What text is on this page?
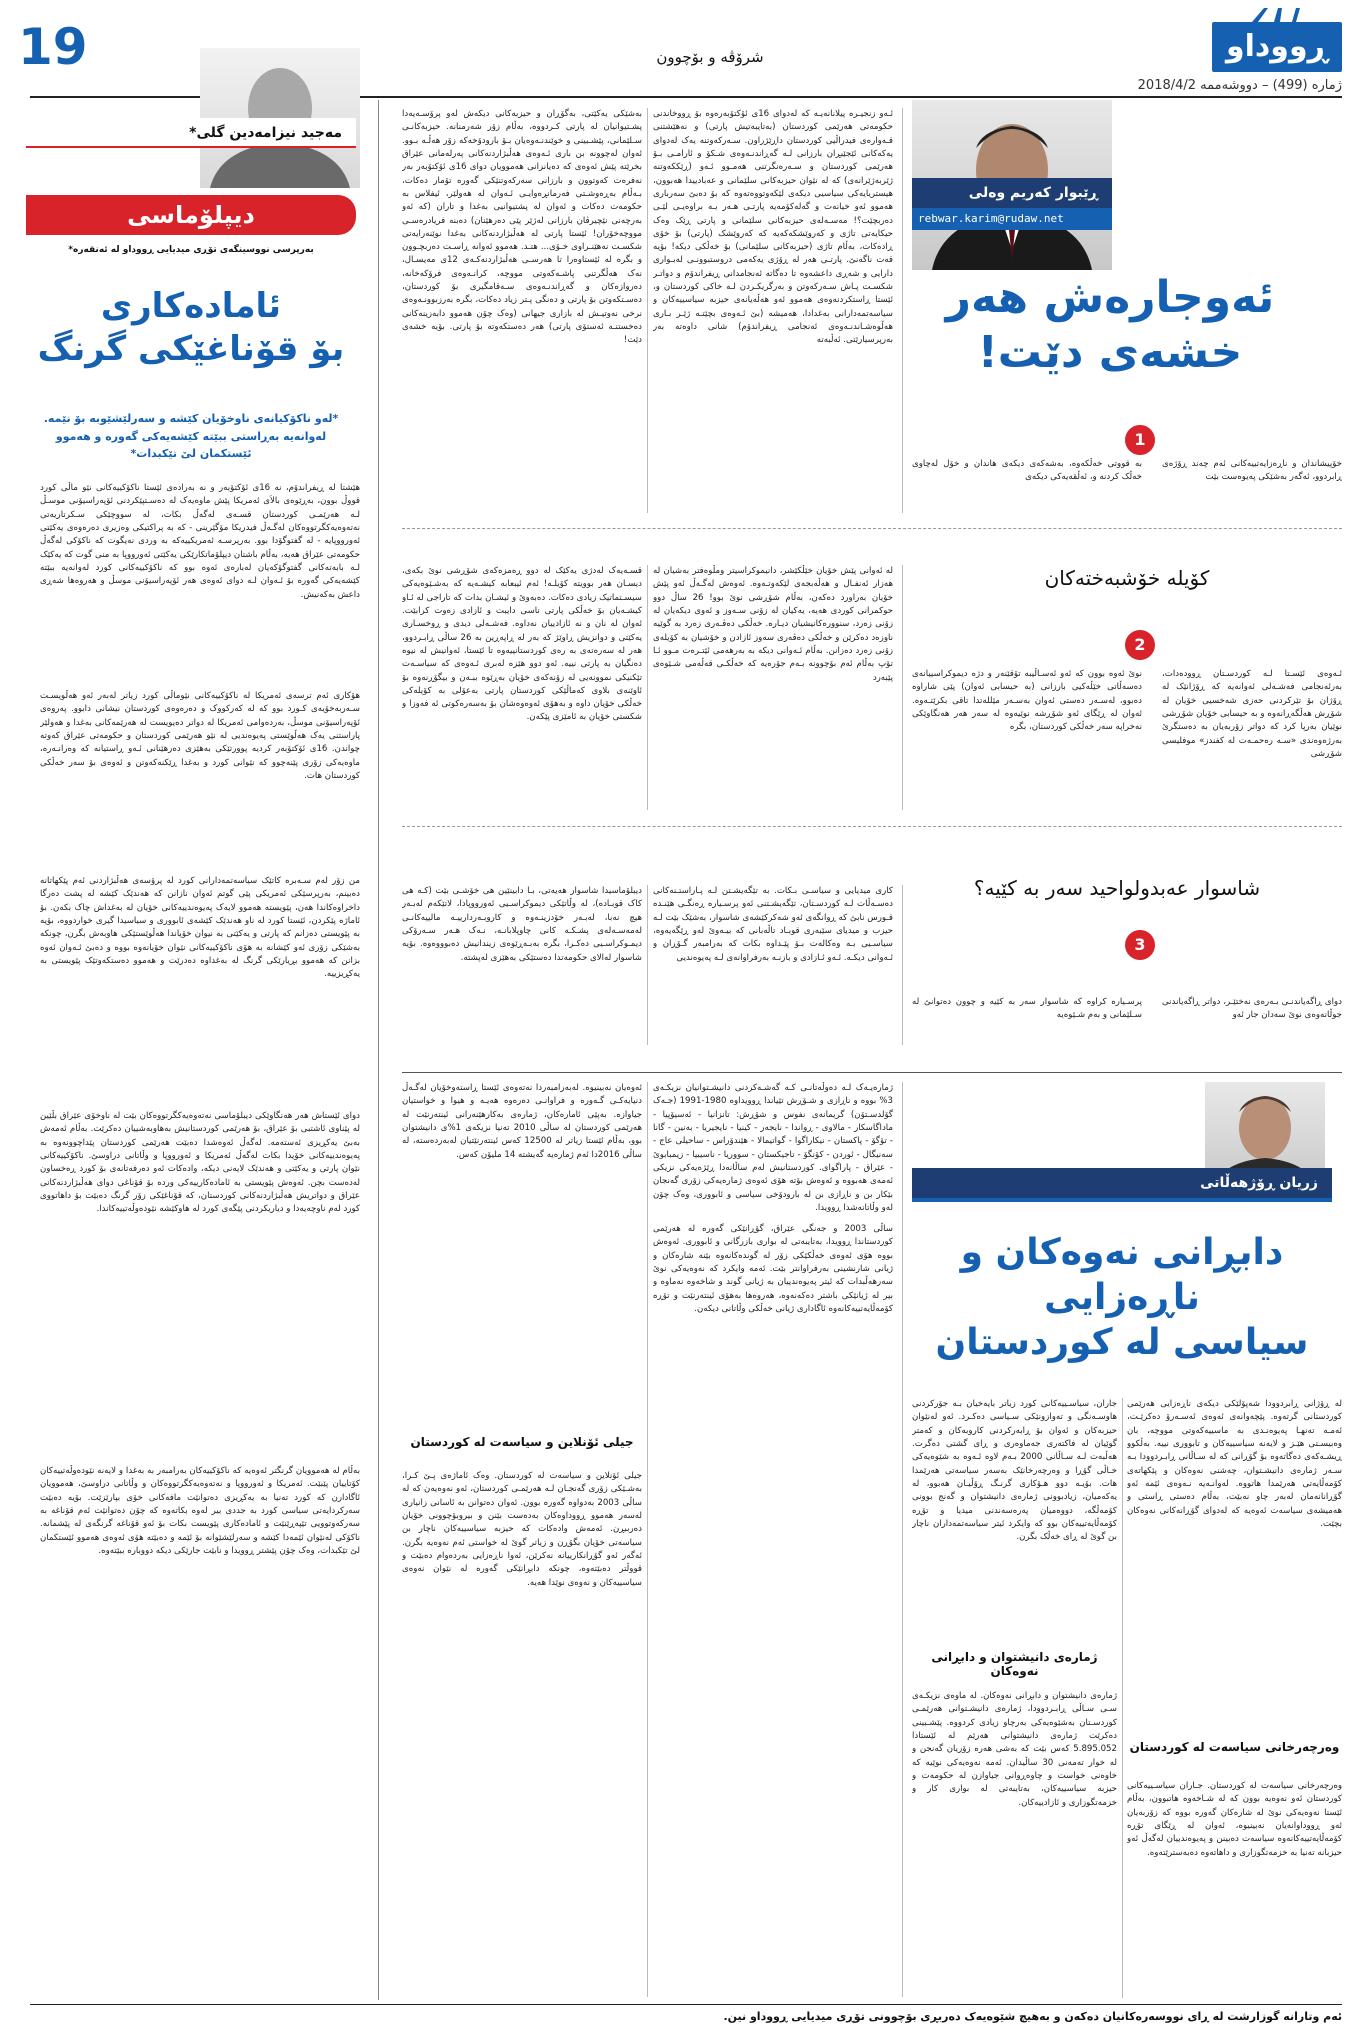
19	شرۆڤە و بۆچوون	ڕووداو
ژمارە (499) – دووشەممە 2018/4/2
ڕێبوار کەریم وەلی
rebwar.karim@rudaw.net
ئەوجارەش هەر
خشەی دێت!
1
خۆپیشاندان و ناڕەزایەتییەکانی ئەم چەند ڕۆژەی ڕابردوو، ئەگەر بەشێکی پەیوەست بێت
بە قووتی خەڵکەوە، بەشەکەی دیکەی هاندان و خۆل لەچاوی خەڵک کردنە و، ئەڵقەیەکی دیکەی
ئـەو زنجیـرە پیلانانەیـە کە لەدوای 16ی ئۆکتۆبەرەوە بۆ ڕووخاندنی حکومەتی هەرێمی کوردستان (بەتایبەتیش پارتی) و نەهێشتنی قـەوارەی فیدراڵیی کوردستان داڕێژراون. سـەرکەوتنە یەک لەدوای یەکەکانی ئێجێبڕان بارزانی لـە گەڕاندنـەوەی شـکۆ و ئارامـی بـۆ هەرێمی کوردستان و سـەرەنگرتنی هەمـوو ئـەو (ڕێککەوتنە ژێربەژێرانەی) کە لە نێوان حیزبەکانی سلێمانی و عەبادییدا هەبوون، هیستریایەکی سیاسیی دیکەی لێکەوتووەتەوە کە بۆ دەبێ سەرباری هەموو ئەو خیانەت و گەلەکۆمەیە پارتـی هـەر بـە براوەیـی لێـی دەربچێت؟! مەسـەلەی حیزبەکانی سلێمانی و پارتی ڕێک وەک حیکایەتی تاژی و کەروێشکەکەیە کە کەروێشک (پارتی) بۆ خۆی ڕادەکات، بەڵام تاژی (حیزبەکانی سلێمانی) بۆ خەڵکی دیکە! بۆیە قەت ناگەنێ. پارتـی هەر لە ڕۆژی یەکەمی دروستبوونـی لەبـواری دارایی و شەڕی داعشەوە تا دەگاتە ئەنجامدانی ڕیفراندۆم و دواتـر شکسـت پـاش سـەرکەوتن و بەرگریکـردن لـە خاکی کوردستان و، ئێستا ڕاستکردنەوەی هەموو ئەو هەڵەیانەی حیزبە سیاسییەکان و سیاسەتمەدارانی بەغدادا، هەمیشە (بێ ئـەوەی بچێتـە ژێـر بـاری هەڵوەشـاندنـەوەی ئەنجامی ڕیفراندۆم) شانی داوەتە بەر بەرپرسیارێتی. ئەڵبەتە
بەشێکی یەکێتی، بەگۆڕان و حیزبەکانی دیکەش لەو پرۆسـەیەدا پشـتیوانیان لە پارتی کـردووە، بەڵام زۆر شەرمنانە. حیزبەکانـی سـلێمانی، پێشـبینی و خوێندنـەوەیان بـۆ بارودۆخەکە زۆر هەڵـە بـوو. ئەوان لەچوونە بن باری ئـەوەی هەڵبژاردنەکانی پەرلەمانی عێراق بخرێتە پێش ئەوەی کە دەیانزانی هەموویان دوای 16ی ئۆکتۆبەر بەر نەفرەت کەوتوون و بارزانی سەرکەوتنێکی گەورە تۆمار دەکات، بـەڵام بەڕەوشـتی فەرمانڕەوایـی ئـەوان لە هەولێر، ئیفلاس بە حکومەت دەکات و ئەوان لە پشتیوانیی بەغدا و تاران (کە ئەو بەرچەنی نێچیرڤان بارزانی لەژێر پێی دەرهێنان) دەبنە فریادرەسـی مووچەخۆران! ئێستا پارتی لە هەڵبژاردنەکانی بەغدا نوێنەرایەتی شکسـت نەهێنـراوی خـۆی... هتـد. هەموو ئەوانە ڕاسـت دەربچـوون و بگرە لە ئێستاوەرا تا هەرسـی هەڵبژاردنەکـەی 12ی مەیسـال، نەک هەڵگرتنی پاشـەکەوتی مووچە، کرانـەوەی فرۆکەخانە، دەروازەکان و گەڕاندنـەوەی سـەقامگیری بۆ کوردستان، دەسـتکەوتن بۆ پارتی و دەنگی پـتر زیاد دەکات، بگرە بەرزبوونـەوەی نرخی نەوتیـش لە بازاری جیهانی (وەک چۆن هەموو دابەزینەکانی دەخستنـە ئەستۆی پارتی) هەر دەستکەوتە بۆ پارتی. بۆیە خشەی دێت!
کۆیلە خۆشبەختەکان
2
ئـەوەی ئێسـتا لـە کوردسـتان ڕوودەدات، بەرئەنجامی فەشـەلی ئەوانەیە کە ڕۆژانێک لە ڕۆژان بۆ تێرکردنی حەزی شەخسیی خۆیان لە شۆڕش هەڵگەڕانەوە و بە حیسابی خۆیان شۆڕشی نوێیان بەرپا کرد کە دواتر زۆربەیان بە دەستگرێ بەرژەوەندی «سـە رەحمـەت لە کفندز» موفلیسی شۆڕشی
نوێ ئەوە بوون کە ئەو ئەسـاڵیبە تۆقێنەر و دژە دیموکراسییانەی دەسەڵاتی خێڵەکیی بارزانی (بە حیسابی ئەوان) پێی شاراوە دەبوو، لەسـەر دەستی ئەوان بەسـەر مێللەتدا تاقی بکرێتـەوە. ئەوان لە ڕێگای ئەو شۆڕشە نوێیەوە لە سەر هەر هەنگاوێکی نەخراپە سەر خەڵکی کوردستان، بگرە
لە ئەوانی پێش خۆیان خێڵکێشر، دانیموکراسیتر ومڵوەفتر بەشیان لە هەزار ئەنفـال و هەڵەبجەی لێکەوتـەوە. ئەوەش لەگـەڵ ئەو پێش خۆیان بەراورد دەکەن، بەڵام شۆڕشی نوێ بوو! 26 ساڵ دوو حوکمرانی کوردی هەیە، یەکیان لە زۆنی سـەوز و ئەوی دیکەیان لە زۆنی زەرد، سنوورەکانیشیان دیـارە. خەڵکی دەڤـەری زەرد بە گوێیە ناوزەد دەکرێن و خەڵکی دەڤەری سەوز ئازادن و خۆشیان بە کۆیلەی زۆنی زەرد دەزانن. بەڵام ئـەوانی دیکە بە بەرهەمی ئێتـرەت مـوو ئـا تۆپ بەڵام ئەم بۆچوونە بـەم جۆرەیە کە خەڵکـی قەڵەمی شـێوەی پێبەرد
قسـەیەک لەدژی یەکێک لە دوو ڕەمزەکەی شۆڕشی نوێ بکەی، دیسـان هەر بوویتە کۆیلـە! ئەم ئیبعابە کیشـەیە کە بەشـێوەیەکی سیسـتماتیک زیادی دەکات. دەبەوێ و ئیشـان بدات کە تاراجی لە ئـاو کیشـەیان بۆ خەڵکی پارتی ناسی دایبت و ئازادی زەوت کرابێت. ئەوان لە نان و نە ئازادییان نەداوە. فەشـەلی دیدی و ڕوخسـاری یەکێتی و دوانزیش ڕاوێژ کە بەر لە ڕاپەڕین بە 26 ساڵی ڕابـردوو، هەر لە سەرەتەی بە رەی کوردستانییەوە تا ئێستا، ئەوانیش لە نیوە دەنگیان بە پارتی نییە. ئەو دوو هێزە لەبری ئـەوەی کە سیاسـەت تێکنیکی نموونەیی لە زۆنەکەی خۆیان بەڕێوە ببـەن و بیگۆڕنەوە بۆ ئاوێنەی بلاوی کەماڵێکی کوردستان پارتی بەعۆلی بە کۆیلەکی خەڵکی خۆیان داوە و بەهۆی ئەوەوەشان بۆ بەسەرەکوتی ئە فەوزا و شکستی خۆیان بە ئامێزی پێکەن.
شاسوار عەبدولواحید سەر بە کێیە؟
3
دوای ڕاگەیاندنـی بـەرەی نەختێـر، دواتر ڕاگەیاندنی جوڵانەوەی نوێ سەدان جار ئەو
پرسـیارە کراوە کە شاسوار سەر بە کێیە و چوون دەتوانێ لە سـلێمانی و بەم شـێوەیە
کاری میدیایی و سیاسـی بـکات. بە تێگەیشـتن لـە پـاراستـنەکانی دەسـەڵات لـە کوردسـتان، تێگەیشـتنی ئەو پرسـیارە ڕەنگـی هێنـدە قـورس نابێ کە ڕوانگەی ئەو شەکرکێشەی شاسوار، بەشێک بێت لـە حیزب و میدیای سێبەری قوبـاد تاڵەبانی کە بیـەوێ لەو ڕێگەیەوە، سیاسـیی بـە وەکالەت بـۆ پێـداوە بکات کە بەرامبەر گـۆڕان و ئـەوانی دیکـە. ئـەو ئـازادی و بازنـە بەرفراوانەی لـە پەیوەندیی
دیبلۆماسیدا شاسوار هەیەتی، بـا دابینێین هی خۆشـی بێت (کـە هی کاک قوبـادە)، لە وڵاتێکی دیموکراسـیی ئەورووپادا، لاتێکەم لەبـەر هیچ نەبا، لەبـەر خۆدزینـەوە و کاروبـەردارییـە مالییەکانـی لەمەسـەلەی پشـکـە کانی چاوپلابانـە، نـەک هـەر سـەرۆکی دیمـوکراسـیی دەکـرا، بگرە بەبـەڕێوەی زیندانیش دەبوووەوە. بۆیە شاسوار لەالای حکومەتدا دەستێکی بەهێزی لەپشتە.
مەجید نیزامەدین گلی*
دیپلۆماسی
بەرپرسی نووسینگەی تۆڕی میدیایی ڕووداو لە ئەنقەرە*
ئامادەکاری
بۆ قۆناغێکی گرنگ
*لەو ناکۆکیانەی ناوخۆیان کێشە و سەرلێشێوبە بۆ نێمە. لەوانەیە بەڕاستی ببێتە کێشەیەکی گەورە و هەموو ئێستکمان لێ تێکبدات*
هێشتا لە ڕیفراندۆم، نە 16ی ئۆکتۆبەر و نە بەرادەی ئێستا ناکۆکییەکانی نێو ماڵی کورد قووڵ بوون، بەڕێوەی بالاَی ئەمریکا پێش ماوەیەک لە دەسـتپێکردنی ئۆپەراسیۆنی موسـڵ لـە هەرێمـی کوردستان قسـەی لەگەڵ بکات، لە سووچێکی سـکرتاریەتی نەتەوەیەکگرتووەکان لەگـەڵ فیدریکا مۆگێرینی - کە بە پراکتیکی وەزیری دەرەوەی یەکێتی ئەورووپایە - لە گفتوگۆدا بوو. بەرپرسـە ئەمریکییەکە بە وردی نەیگوت کە ناکۆکی لەگەڵ حکومەتی عێراق هەیە، بەڵام باشتان دیپلۆماتکارێکی یەکێتی ئەورووپا بە منی گوت کە یەکێک لـە بابەتەکانی گفتوگۆکەیان لەبارەی ئەوە بوو کە ناکۆکییەکانی کورد لەوانەیە ببێتە کێشەیەکی گەورە بۆ ئـەوان لـە دوای ئەوەی هەر ئۆپەراسیۆنی موسڵ و هەروەها شەڕی داعش بەکەنیش.
هۆکاری ئەم ترسەی ئەمریکا لە ناکۆکییەکانی نێوماڵی کورد زیاتر لەبەر ئەو هەڵویسـت سـەربەخۆیەی کـورد بوو کە لە کەرکووک و دەرەوەی کوردستان نیشانی دابوو. پەروەی ئۆپەراسیۆنی موسڵ، بەردەوامی ئەمریکا لە دواتر دەیویست لە هەرێمەکانی بەغدا و هەولێر پاراستنی یەک هەڵوێستی پەیوەندیی لە نێو هەرێمی کوردستان و حکومەتی عێراق کەوتە چواندن. 16ی ئۆکتۆبەر کردیە پوورتێکی بەهێزی دەرهێنانی ئـەو ڕاستیانە کە وەرانـەرە، ماوەیەکی زۆری پێنەچوو کە نێوانی کورد و بەغدا ڕێکنەکەوتن و ئەوەی بۆ سەر خەڵکی کوردستان هات.
من زۆر لەم سـەبرە کاتێک سیاسەتمەدارانی کورد لە پرۆسەی هەڵبژاردنی ئەم پێکهاتانە دەبینم، بەرپرسێکی ئەمریکی پێی گوتم ئەوان نازانن کە هەندێک کێشە لە پشت دەرگا داخراوەکاندا هەن، پێویستە هەموو لایەک پەیوەندییەکانی خۆیان لە بەغداش چاک بکەن. بۆ ئاماژە پێکردن، ئێستا کورد لە ناو هەندێک کێشەی ئابووری و سیاسیدا گیری خواردووە، بۆیە بە پێویستی دەزانم کە پارتی و یەکێتی بە نیوان خۆیاندا هەڵوێستێکی هاوبەش بگرن، چونکە بەشێکی زۆری ئەو کێشانە بە هۆی ناکۆکییەکانی نێوان خۆیانەوە بووە و دەبێ ئـەوان ئەوە بزانن کە هەموو بڕیارێکی گرنگ لە بەغداوە دەدرێت و هەموو دەستکەوتێک پێویستی بە یەکڕیزییە.
دوای ئێستاش هەر هەنگاوێکی دیبلۆماسی نەتەوەیەکگرتووەکان بێت لە ناوخۆی عێراق بڵێین لە پێناوی ئاشتبی بۆ عێراق، بۆ هەرێمی کوردستانیش بەهاوبەشییان دەکرێت. بەڵام ئەمەش بەبێ یەکڕیزی ئەستەمە. لەگەڵ ئەوەشدا دەبێت هەرێمی کوردستان پێداچوونەوە بە پەیوەندییەکانی خۆیدا بکات لەگەڵ ئەمریکا و ئەورووپا و وڵاتانی دراوسێ. ناکۆکییەکانی نێوان پارتی و یەکێتی و هەندێک لایەنی دیکە، وادەکات ئەو دەرفەتانەی بۆ کورد ڕەخساون لەدەست بچن. ئەوەش پێویستی بە ئامادەکارییەکی وردە بۆ قۆناغی دوای هەڵبژاردنەکانی عێراق و دواتریش هەڵبژاردنەکانی کوردستان، کە قۆناغێکی زۆر گرنگ دەبێت بۆ داهاتووی کورد لەم ناوچەیەدا و دیاریکردنی پێگەی کورد لە هاوکێشە نێودەوڵەتییەکاندا.
بەڵام لە هەموویان گرنگتر ئەوەیە کە ناکۆکییەکان بەرامبەر بە بەغدا و لایەنە نێودەوڵەتییەکان کۆتاییان پێبێت. ئەمریکا و ئەورووپا و نەتەوەیەکگرتووەکان و وڵاتانی دراوسێ، هەموویان ئاگادارن کە کورد تەنیا بە یەکڕیزی دەتوانێت مافەکانی خۆی بپارێزێت. بۆیە دەبێت سەرکردایەتی سیاسی کورد بە جددی بیر لەوە بکاتەوە کە چۆن دەتوانێت ئەم قۆناغە بە سەرکەوتوویی تێپەڕێنێت و ئامادەکاری پێویست بکات بۆ ئەو قۆناغە گرنگەی لە پێشمانە. ناکۆکی لەنێوان ئێمەدا کێشە و سەرلێشێوانە بۆ ئێمە و دەبێتە هۆی ئەوەی هەموو ئێستکمان لێ تێکبدات، وەک چۆن پێشتر ڕوویدا و نابێت جارێکی دیکە دووبارە ببێتەوە.
زریان ڕۆژهەڵاتی
دابڕانی نەوەکان و ناڕەزایی
سیاسی لە کوردستان
لە ڕۆژانی ڕابردوودا شەپۆلێکی دیکەی ناڕەزایی هەرێمی کوردستانی گرتەوە. پێچەوانەی ئەوەی ئەسـەرۆ دەکرێـت، ئەمـە تەنهـا پەیوەنـدی بە ماسییەکەوتی مووچە، بان وەبیسـتی هێـز و لایەنە سیاسییەکان و تابووری نییە. بەڵکوو ڕیشـەکەی دەگاتەوە بۆ گۆڕانی کە لە سـاڵانی ڕابـردوودا بـە سـەر ژمارەی دانیشـتوان، چەشنی نەوەکان و پێکهاتەی کۆمەڵایەتی هەرێمدا هاتووە. لەوانـەیە نـەوەی ئێمە ئەو گۆڕانانەمان لەبەر چاو نەبێت، بەڵام دەستی ڕاستی و هەمیشەی سیاسەت ئەوەیە کە لەدوای گۆڕانەکانی نەوەکان بچێت.
وەرچەرخانی سیاسەت لە کوردستان
وەرچەرخانی سیاسەت لە کوردستان. جـاران سیاسـییەکانی کوردستان ئەو نەوەیە بوون کە لە شـاخەوە هاتبوون، بەڵام ئێستا نەوەیەکی نوێ لە شارەکان گەورە بووە کە زۆربەیان ئەو ڕووداوانەیان نەبینیوە، ئەوان لە ڕێگای تۆڕە کۆمەڵایەتییەکانەوە سیاسەت دەبینن و پەیوەندییان لەگەڵ ئەو حیزبانە تەنیا بە خزمەتگوزاری و داهاتەوە دەبەسترێتەوە.
جاران، سیاسـییەکانی کورد زیاتر بایەخیان بـە جۆرکردنی هاوسـەنگی و تەوازونێکی سـیاسی دەکـرد. ئەو لەنێوان حیزبەکان و ئەوان بۆ ڕابەرکردنی کاروبەکان و کەمتر گوێیان لە فاکتەری جەماوەری و ڕای گشتی دەگرت. هەڵبەت لـە سـاڵانی 2000 بـەم لاوە ئـەوە بە شێوەیەکی خـاڵی گۆڕا و وەرچەرخانێک بەسەر سیاسەتی هەرێمدا هات. بۆیـە دوو هـۆکاری گرنـگ ڕۆڵیـان هەبوو، لە یەکەمیان، زیادبوونی ژمارەی دانیشتوان و گەنج بوونی کۆمەڵگە، دووەمیان پەرەسەندنی میدیا و تۆڕە کۆمەڵایەتییەکان بوو کە وایکرد ئیتر سیاسەتمەداران ناچار بن گوێ لە ڕای خەڵک بگرن.
ژمارەی دانیشتوان و دابڕانی نەوەکان
ژمارەی دانیشتوان و دابڕانی نەوەکان. لە ماوەی نزیکـەی سـی سـاڵی ڕابـردوودا، ژمارەی دانیشـتوانی هەرێمـی کوردسـتان بەشێوەیەکی بەرچاو زیادی کردووە. پێشـبینی دەکرێت ژمارەی دانیشتوانی هەرێم لە ئێستادا 5.895.052 کەس بێت کە بەشی هەرە زۆریان گەنجن و لە خوار تەمەنی 30 ساڵیدان. ئەمە نەوەیەکی نوێیە کە خاوەنی خواست و چاوەڕوانی جیاوازن لە حکومەت و حیزبە سیاسییەکان، بەتایبەتی لە بواری کار و خزمەتگوزاری و ئازادییەکان.
ژمارەیـەک لـە دەوڵەتانـی کـە گەشـەکردنی دانیشـتوانیان نزیکـەی 3% بووە و ناڕازی و شـۆڕش تێیاندا ڕوویداوە 1980-1991 (جـەک گۆلدسـتۆن) گریمانەی نفوس و شۆڕش: تانزانیا - ئەسیۆپیا - ماداگاسکار - مالاوی - ڕواندا - نایجەر - کینیا - نایجیریا - بەنین - گانا - تۆگۆ - پاکستان - نیکاراگوا - گواتیمالا - هێندۆراس - ساحیلی عاج - سەنیگال - ئوردن - کۆنگۆ - تاجیکستان - سووریا - ناسیبیا - زیمبابوێ - عێراق - پاراگوای. کوردستانیش لەم ساڵانەدا ڕێژەیەکی نزیکی ئەمەی هەبووە و ئەوەش بۆتە هۆی ئەوەی ژمارەیەکی زۆری گەنجان بێکار بن و ناڕازی بن لە بارودۆخی سیاسی و ئابووری، وەک چۆن لەو وڵاتانەشدا ڕوویدا.
ساڵی 2003 و جەنگی عێراق، گۆڕانێکی گەورە لە هەرێمی کوردستاندا ڕوویدا، بەتایبەتی لە بواری بازرگانی و ئابووری. ئەوەش بووە هۆی ئەوەی خەڵکێکی زۆر لە گوندەکانەوە بێنە شارەکان و ژیانی شارنشینی بەرفراوانتر بێت. ئەمە وایکرد کە نەوەیەکی نوێ سەرهەڵبدات کە ئیتر پەیوەندییان بە ژیانی گوند و شاخەوە نەماوە و بیر لە ژیانێکی باشتر دەکەنەوە، هەروەها بەهۆی ئینتەرنێت و تۆڕە کۆمەڵایەتییەکانەوە ئاگاداری ژیانی خەڵکی وڵاتانی دیکەن.
ئەوەیان نەبینیوە. لەبەرامبەردا نەتەوەی ئێستا ڕاستەوخۆیان لەگـەڵ دنیایەکـی گـەورە و فراوانـی دەرەوە هەیـە و هیوا و خواستیان جیاوازە. بەپێی ئامارەکان، ژمارەی بەکارهێنەرانی ئینتەرنێت لە هەرێمی کوردستان لە ساڵی 2010 تەنیا نزیکەی 1%ی دانیشتوان بوو، بەڵام ئێستا زیاتر لە 12500 کەس ئینتەرنێتیان لەبەردەستە، لە ساڵی 2016دا ئەم ژمارەیە گەیشتە 14 ملیۆن کەس.
جیلی ئۆنلاین و سیاسەت لە کوردستان
جیلی ئۆنلاین و سیاسەت لە کوردستان. وەک ئاماژەی پـێ کـرا، بەشـێکی زۆری گەنجـان لـە هەرێمـی کوردستان، ئەو نەوەیەن کە لە ساڵی 2003 بەدواوە گەورە بوون. ئەوان دەتوانن بە ئاسانی زانیاری لەسەر هەموو ڕووداوەکان بەدەست بێنن و بیروبۆچوونی خۆیان دەرببڕن. ئەمەش وادەکات کە حیزبە سیاسییەکان ناچار بن سیاسەتی خۆیان بگۆڕن و زیاتر گوێ لە خواستی ئەم نەوەیە بگرن. ئەگەر ئەو گۆڕانکارییانە نەکرێن، ئەوا ناڕەزایی بەردەوام دەبێت و قووڵتر دەبێتەوە، چونکە دابڕانێکی گەورە لە نێوان نەوەی سیاسییەکان و نەوەی نوێدا هەیە.
ئەم وتارانە گوزارشت لە ڕای نووسەرەکانیان دەکەن و بەهیچ شێوەیەک دەربڕی بۆچوونی تۆڕی میدیایی ڕووداو نین.
